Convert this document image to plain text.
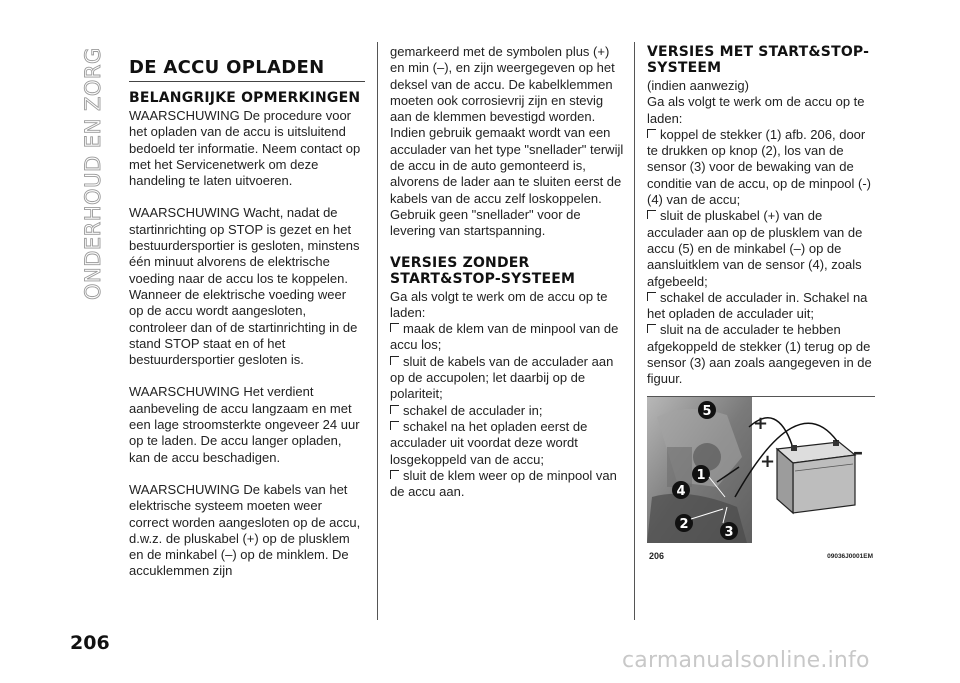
ONDERHOUD EN ZORG
206
DE ACCU OPLADEN
BELANGRIJKE OPMERKINGEN

WAARSCHUWING De procedure voor het opladen van de accu is uitsluitend bedoeld ter informatie. Neem contact op met het Servicenetwerk om deze handeling te laten uitvoeren.

WAARSCHUWING Wacht, nadat de startinrichting op STOP is gezet en het bestuurdersportier is gesloten, minstens één minuut alvorens de elektrische voeding naar de accu los te koppelen. Wanneer de elektrische voeding weer op de accu wordt aangesloten, controleer dan of de startinrichting in de stand STOP staat en of het bestuurdersportier gesloten is.

WAARSCHUWING Het verdient aanbeveling de accu langzaam en met een lage stroomsterkte ongeveer 24 uur op te laden. De accu langer opladen, kan de accu beschadigen.

WAARSCHUWING De kabels van het elektrische systeem moeten weer correct worden aangesloten op de accu, d.w.z. de pluskabel (+) op de plusklem en de minkabel (–) op de minklem. De accuklemmen zijn

gemarkeerd met de symbolen plus (+) en min (–), en zijn weergegeven op het deksel van de accu. De kabelklemmen moeten ook corrosievrij zijn en stevig aan de klemmen bevestigd worden. Indien gebruik gemaakt wordt van een acculader van het type "snellader" terwijl de accu in de auto gemonteerd is, alvorens de lader aan te sluiten eerst de kabels van de accu zelf loskoppelen. Gebruik geen "snellader" voor de levering van startspanning.

VERSIES ZONDER START&STOP-SYSTEEM

Ga als volgt te werk om de accu op te laden:

maak de klem van de minpool van de accu los;

sluit de kabels van de acculader aan op de accupolen; let daarbij op de polariteit;

schakel de acculader in;

schakel na het opladen eerst de acculader uit voordat deze wordt losgekoppeld van de accu;

sluit de klem weer op de minpool van de accu aan.

VERSIES MET START&STOP-SYSTEEM

(indien aanwezig)

Ga als volgt te werk om de accu op te laden:

koppel de stekker (1) afb. 206, door te drukken op knop (2), los van de sensor (3) voor de bewaking van de conditie van de accu, op de minpool (-) (4) van de accu;

sluit de pluskabel (+) van de acculader aan op de plusklem van de accu (5) en de minkabel (–) op de aansluitklem van de sensor (4), zoals afgebeeld;

schakel de acculader in. Schakel na het opladen de acculader uit;

sluit na de acculader te hebben afgekoppeld de stekker (1) terug op de sensor (3) aan zoals aangegeven in de figuur.

+
+	–
5
1
4
2
3
206	09036J0001EM
carmanualsonline.info
